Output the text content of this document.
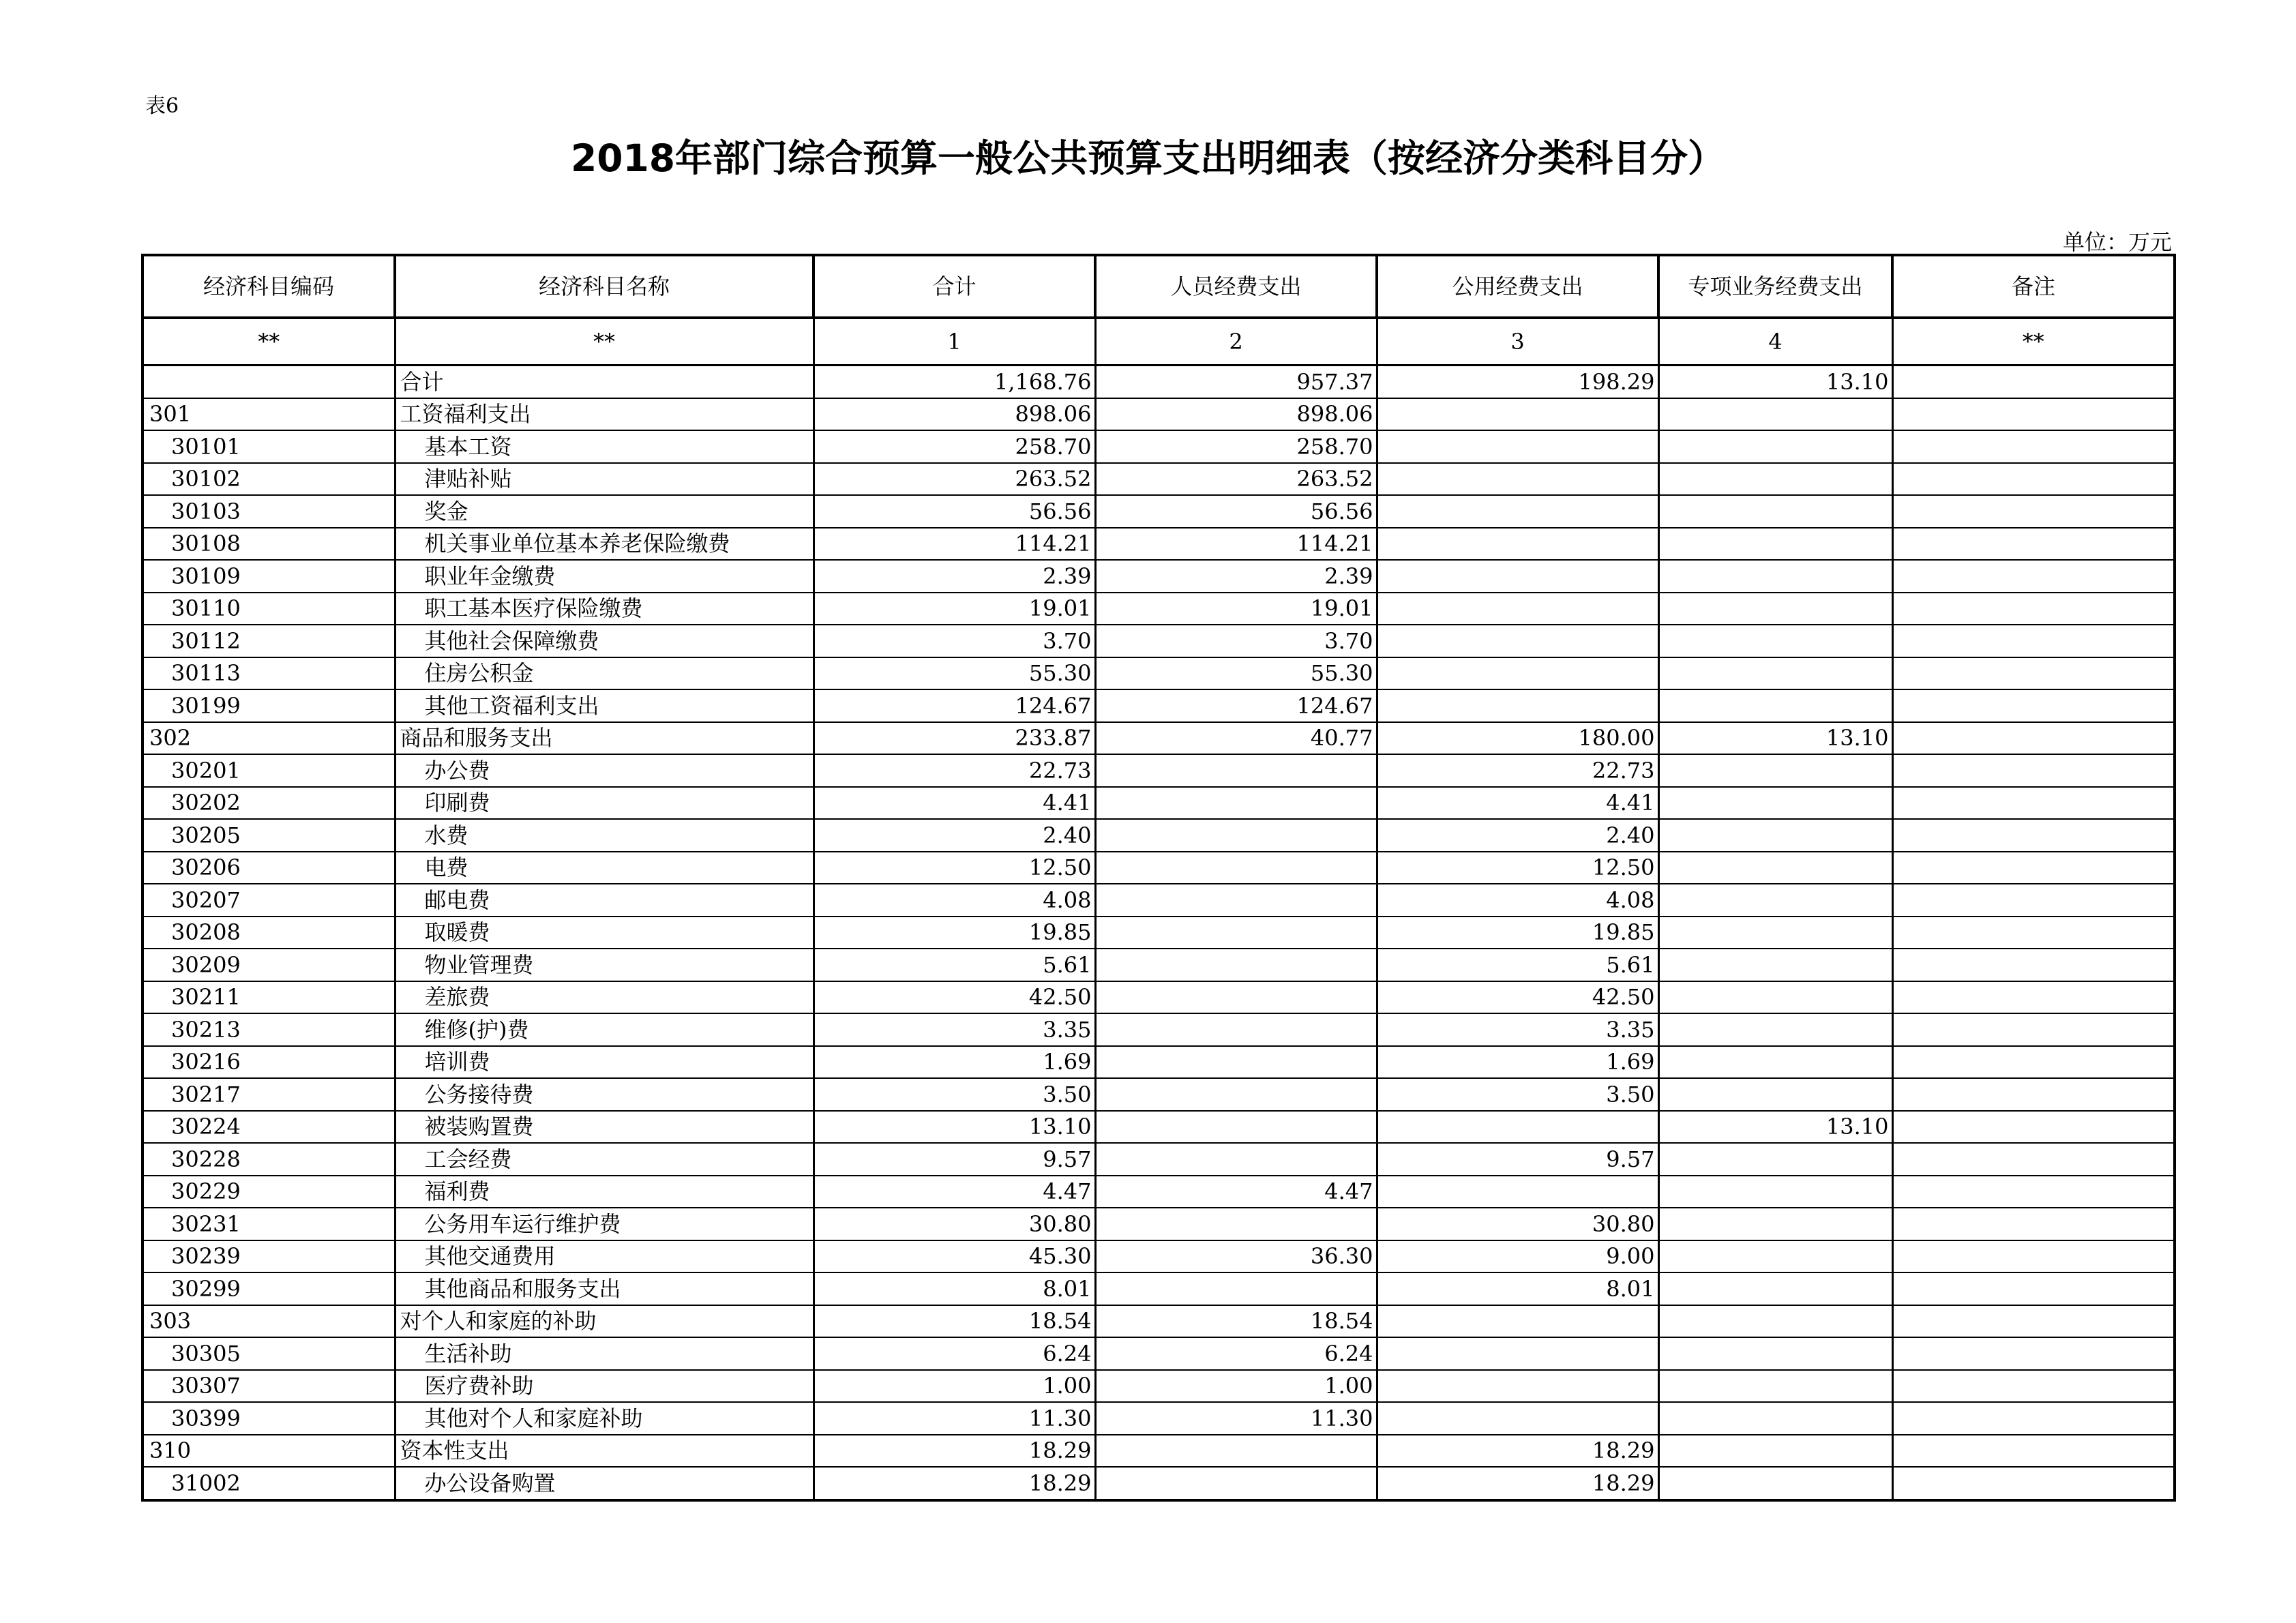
表6
2018年部门综合预算一般公共预算支出明细表（按经济分类科目分）
单位：万元
经济科目编码	经济科目名称	合计	人员经费支出	公用经费支出	专项业务经费支出	备注
**	**	1	2	3	4	**
	合计	1,168.76	957.37	198.29	13.10	
301	工资福利支出	898.06	898.06			
30101	基本工资	258.70	258.70			
30102	津贴补贴	263.52	263.52			
30103	奖金	56.56	56.56			
30108	机关事业单位基本养老保险缴费	114.21	114.21			
30109	职业年金缴费	2.39	2.39			
30110	职工基本医疗保险缴费	19.01	19.01			
30112	其他社会保障缴费	3.70	3.70			
30113	住房公积金	55.30	55.30			
30199	其他工资福利支出	124.67	124.67			
302	商品和服务支出	233.87	40.77	180.00	13.10	
30201	办公费	22.73		22.73		
30202	印刷费	4.41		4.41		
30205	水费	2.40		2.40		
30206	电费	12.50		12.50		
30207	邮电费	4.08		4.08		
30208	取暖费	19.85		19.85		
30209	物业管理费	5.61		5.61		
30211	差旅费	42.50		42.50		
30213	维修(护)费	3.35		3.35		
30216	培训费	1.69		1.69		
30217	公务接待费	3.50		3.50		
30224	被装购置费	13.10			13.10	
30228	工会经费	9.57		9.57		
30229	福利费	4.47	4.47			
30231	公务用车运行维护费	30.80		30.80		
30239	其他交通费用	45.30	36.30	9.00		
30299	其他商品和服务支出	8.01		8.01		
303	对个人和家庭的补助	18.54	18.54			
30305	生活补助	6.24	6.24			
30307	医疗费补助	1.00	1.00			
30399	其他对个人和家庭补助	11.30	11.30			
310	资本性支出	18.29		18.29		
31002	办公设备购置	18.29		18.29		
